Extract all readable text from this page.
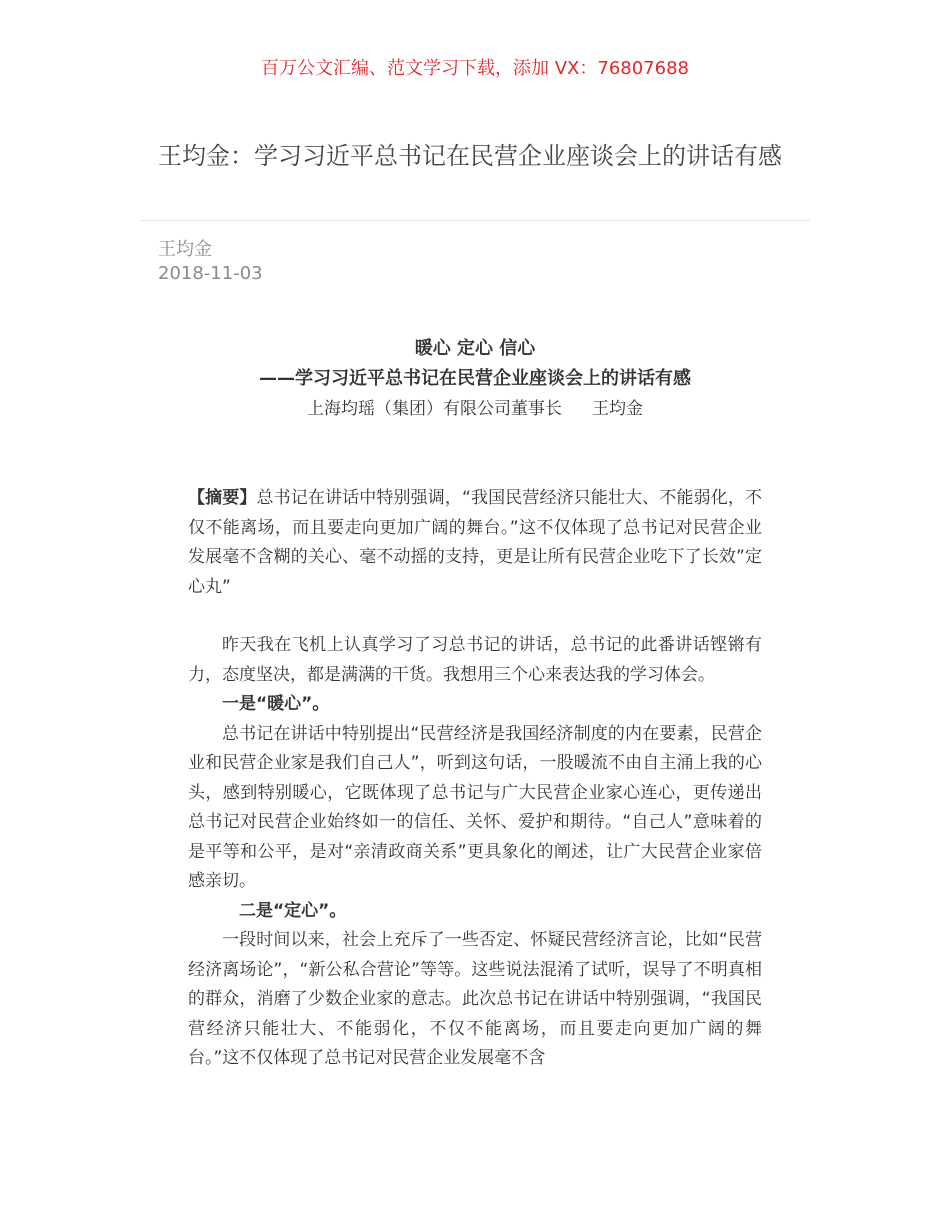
百万公文汇编、范文学习下载，添加 VX：76807688
王均金：学习习近平总书记在民营企业座谈会上的讲话有感
王均金
2018-11-03
暖心 定心 信心
——学习习近平总书记在民营企业座谈会上的讲话有感
上海均瑶（集团）有限公司董事长 王均金

【摘要】总书记在讲话中特别强调，“我国民营经济只能壮大、不能弱化，不仅不能离场，而且要走向更加广阔的舞台。”这不仅体现了总书记对民营企业发展毫不含糊的关心、毫不动摇的支持，更是让所有民营企业吃下了长效”定心丸”

昨天我在飞机上认真学习了习总书记的讲话，总书记的此番讲话铿锵有力，态度坚决，都是满满的干货。我想用三个心来表达我的学习体会。

一是“暖心”。

总书记在讲话中特别提出“民营经济是我国经济制度的内在要素，民营企业和民营企业家是我们自己人”，听到这句话，一股暖流不由自主涌上我的心头，感到特别暖心，它既体现了总书记与广大民营企业家心连心，更传递出总书记对民营企业始终如一的信任、关怀、爱护和期待。“自己人”意味着的是平等和公平，是对“亲清政商关系”更具象化的阐述，让广大民营企业家倍感亲切。

二是“定心”。

一段时间以来，社会上充斥了一些否定、怀疑民营经济言论，比如“民营经济离场论”，“新公私合营论”等等。这些说法混淆了试听，误导了不明真相的群众，消磨了少数企业家的意志。此次总书记在讲话中特别强调，“我国民营经济只能壮大、不能弱化，不仅不能离场，而且要走向更加广阔的舞台。”这不仅体现了总书记对民营企业发展毫不含
